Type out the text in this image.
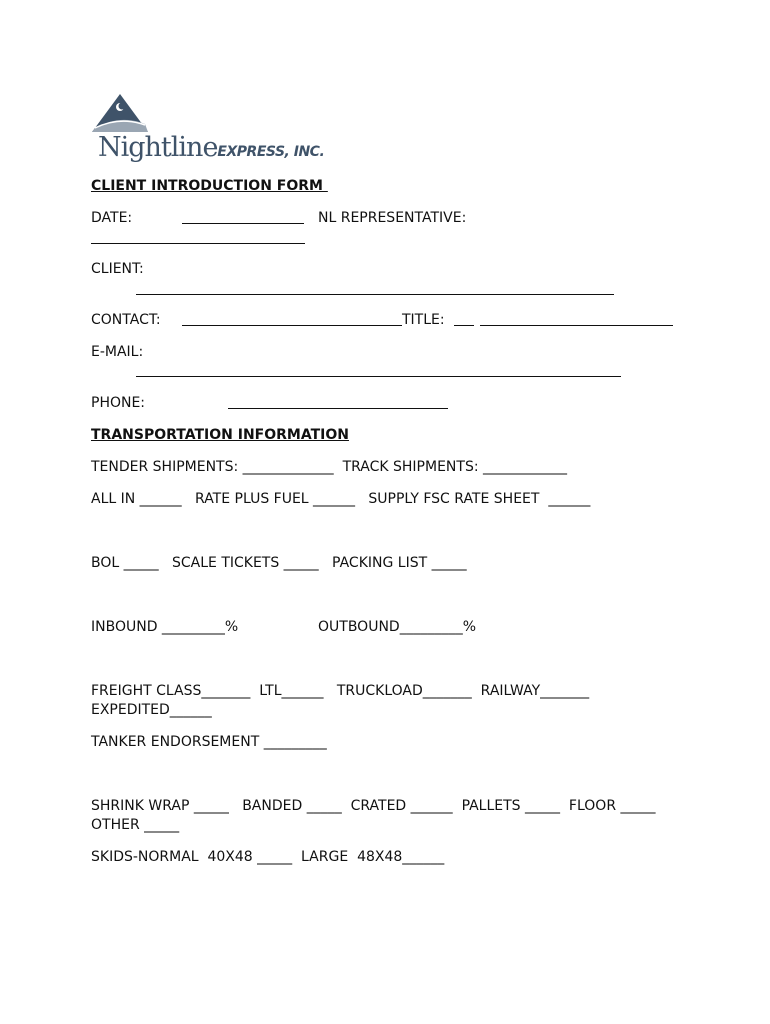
NightlineEXPRESS, INC.
CLIENT INTRODUCTION FORM
DATE:	NL REPRESENTATIVE:
CLIENT:
CONTACT:	TITLE:
E-MAIL:
PHONE:
TRANSPORTATION INFORMATION
TENDER SHIPMENTS: _____________  TRACK SHIPMENTS: ____________
ALL IN ______   RATE PLUS FUEL ______   SUPPLY FSC RATE SHEET  ______
BOL _____   SCALE TICKETS _____   PACKING LIST _____
INBOUND _________%	OUTBOUND_________%
FREIGHT CLASS_______  LTL______   TRUCKLOAD_______  RAILWAY_______
EXPEDITED______
TANKER ENDORSEMENT _________
SHRINK WRAP _____   BANDED _____  CRATED ______  PALLETS _____  FLOOR _____
OTHER _____
SKIDS-NORMAL  40X48 _____  LARGE  48X48______
